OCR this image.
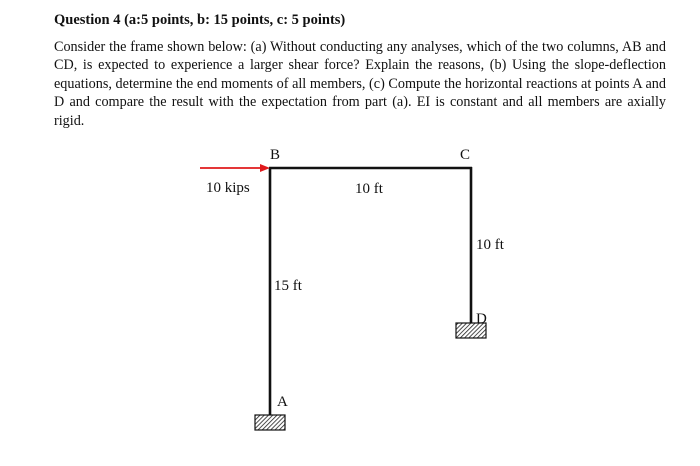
Question 4 (a:5 points, b: 15 points, c: 5 points)
Consider the frame shown below: (a) Without conducting any analyses, which of the two columns, AB and CD, is expected to experience a larger shear force? Explain the reasons, (b) Using the slope-deflection equations, determine the end moments of all members, (c) Compute the horizontal reactions at points A and D and compare the result with the expectation from part (a). EI is constant and all members are axially rigid.
B	C
A
D
10 kips	10 ft
10 ft
15 ft
